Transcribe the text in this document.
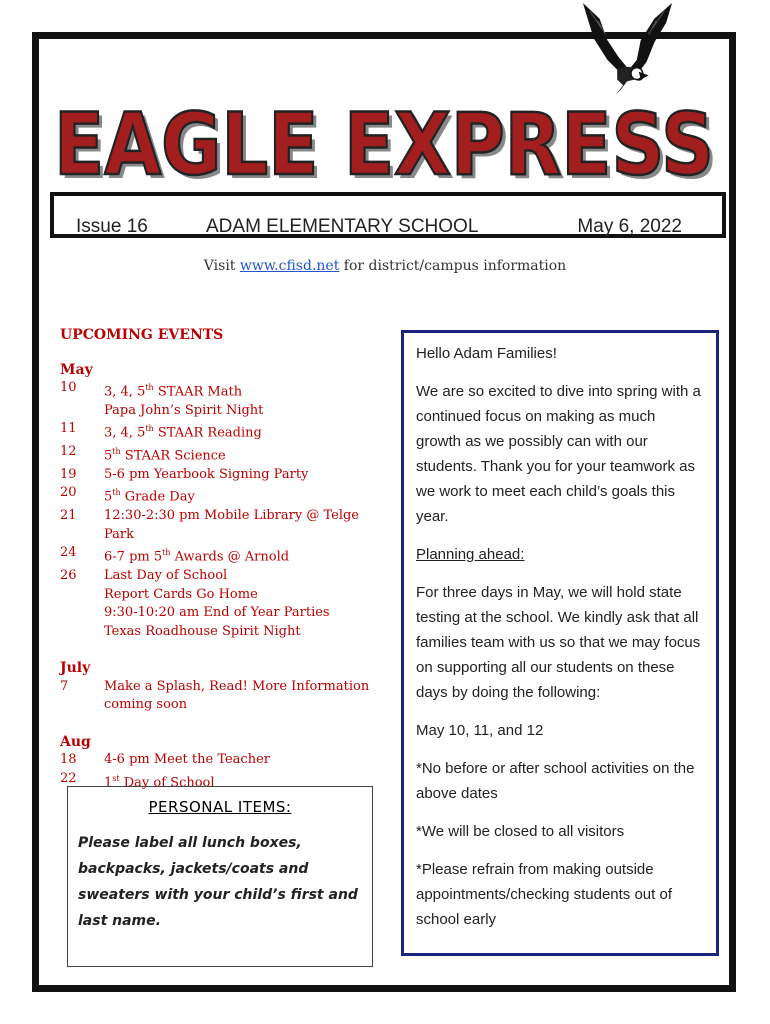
EAGLE EXPRESS
EAGLE EXPRESS
Issue 16	ADAM ELEMENTARY SCHOOL	May 6, 2022
Visit www.cfisd.net for district/campus information
UPCOMING EVENTS
May
10	3, 4, 5th STAAR Math
Papa John’s Spirit Night
11	3, 4, 5th STAAR Reading
12	5th STAAR Science
19	5-6 pm Yearbook Signing Party
20	5th Grade Day
21	12:30-2:30 pm Mobile Library @ Telge Park
24	6-7 pm 5th Awards @ Arnold
26	Last Day of School
Report Cards Go Home
9:30-10:20 am End of Year Parties
Texas Roadhouse Spirit Night
July
7	Make a Splash, Read! More Information
coming soon
Aug
18	4-6 pm Meet the Teacher
22	1st Day of School
PERSONAL ITEMS:
Please label all lunch boxes, backpacks, jackets/coats and sweaters with your child’s first and last name.

Hello Adam Families!

We are so excited to dive into spring with a continued focus on making as much growth as we possibly can with our students. Thank you for your teamwork as we work to meet each child’s goals this year.

Planning ahead:

For three days in May, we will hold state testing at the school. We kindly ask that all families team with us so that we may focus on supporting all our students on these days by doing the following:

May 10, 11, and 12

*No before or after school activities on the above dates

*We will be closed to all visitors

*Please refrain from making outside appointments/checking students out of school early
